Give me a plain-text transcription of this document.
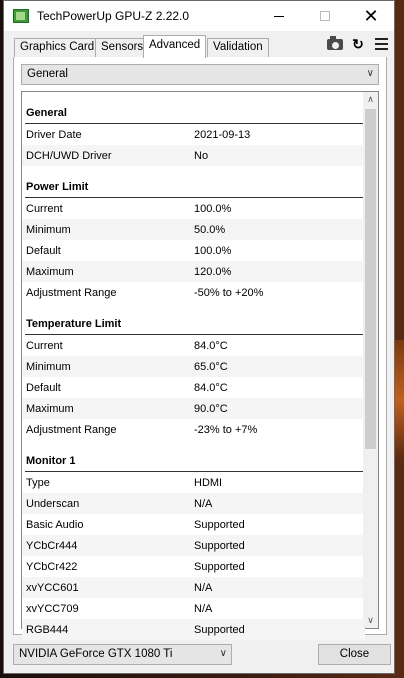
TechPowerUp GPU-Z 2.22.0	✕
Graphics Card Sensors Advanced	Validation	↻
General	∨
General
Driver Date	2021-09-13
DCH/UWD Driver	No
Power Limit
Current	100.0%
Minimum	50.0%
Default	100.0%
Maximum	120.0%
Adjustment Range	-50% to +20%
Temperature Limit
Current	84.0°C
Minimum	65.0°C
Default	84.0°C
Maximum	90.0°C
Adjustment Range	-23% to +7%
Monitor 1
Type	HDMI
Underscan	N/A
Basic Audio	Supported
YCbCr444	Supported
YCbCr422	Supported
xvYCC601	N/A
xvYCC709	N/A
RGB444	Supported
∧
∨
NVIDIA GeForce GTX 1080 Ti	∨	Close
